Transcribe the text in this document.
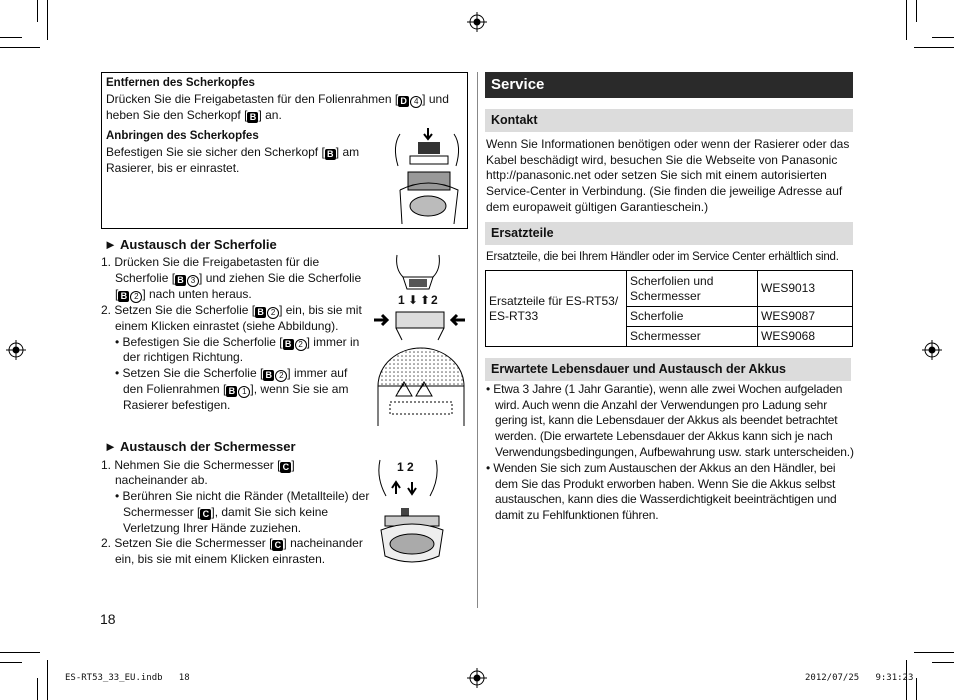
Entfernen des Scherkopfes
Drücken Sie die Freigabetasten für den Folienrahmen [ D 4 ] und
heben Sie den Scherkopf [ B ] an.
Anbringen des Scherkopfes
Befestigen Sie sie sicher den Scherkopf [ B ] am
Rasierer, bis er einrastet.
► Austausch der Scherfolie
1. Drücken Sie die Freigabetasten für die
Scherfolie [ B 3 ] und ziehen Sie die Scherfolie
[ B 2 ] nach unten heraus.
2. Setzen Sie die Scherfolie [ B 2 ] ein, bis sie mit
einem Klicken einrastet (siehe Abbildung).
• Befestigen Sie die Scherfolie [ B 2 ] immer in
der richtigen Richtung.
• Setzen Sie die Scherfolie [ B 2 ] immer auf
den Folienrahmen [ B 1 ], wenn Sie sie am
Rasierer befestigen.
1 ⬇ ⬆ 2
► Austausch der Schermesser
1. Nehmen Sie die Schermesser [ C ]
nacheinander ab.
• Berühren Sie nicht die Ränder (Metallteile) der
Schermesser [ C ], damit Sie sich keine
Verletzung Ihrer Hände zuziehen.
2. Setzen Sie die Schermesser [ C ] nacheinander
ein, bis sie mit einem Klicken einrasten.
1 2
18
Service
Kontakt
Wenn Sie Informationen benötigen oder wenn der Rasierer oder das
Kabel beschädigt wird, besuchen Sie die Webseite von Panasonic
http://panasonic.net oder setzen Sie sich mit einem autorisierten
Service-Center in Verbindung. (Sie finden die jeweilige Adresse auf
dem europaweit gültigen Garantieschein.)
Ersatzteile
Ersatzteile, die bei Ihrem Händler oder im Service Center erhältlich sind.
Ersatzteile für ES-RT53/ ES-RT33	Scherfolien und Schermesser	WES9013
	Scherfolie	WES9087
	Schermesser	WES9068
Erwartete Lebensdauer und Austausch der Akkus
• Etwa 3 Jahre (1 Jahr Garantie), wenn alle zwei Wochen aufgeladen
wird. Auch wenn die Anzahl der Verwendungen pro Ladung sehr
gering ist, kann die Lebensdauer der Akkus als beendet betrachtet
werden. (Die erwartete Lebensdauer der Akkus kann sich je nach
Verwendungsbedingungen, Aufbewahrung usw. stark unterscheiden.)
• Wenden Sie sich zum Austauschen der Akkus an den Händler, bei
dem Sie das Produkt erworben haben. Wenn Sie die Akkus selbst
austauschen, kann dies die Wasserdichtigkeit beeinträchtigen und
damit zu Fehlfunktionen führen.
ES-RT53_33_EU.indb   18	2012/07/25   9:31:23
